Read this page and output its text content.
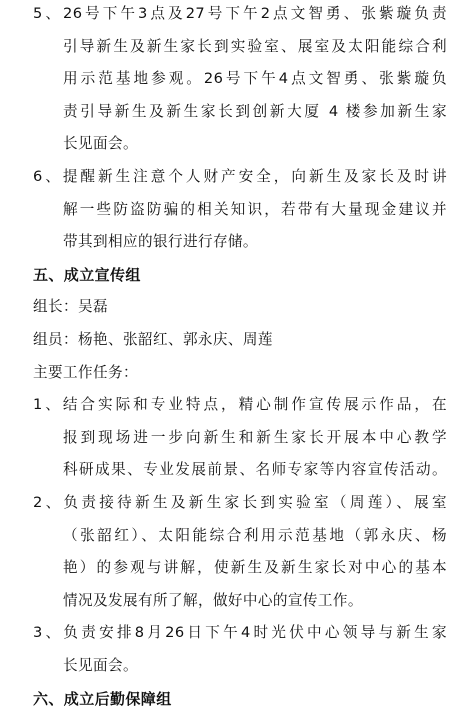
5、26号下午3点及27号下午2点文智勇、张紫璇负责
引导新生及新生家长到实验室、展室及太阳能综合利
用示范基地参观。26号下午4点文智勇、张紫璇负
责引导新生及新生家长到创新大厦 4 楼参加新生家
长见面会。
6、提醒新生注意个人财产安全，向新生及家长及时讲
解一些防盗防骗的相关知识，若带有大量现金建议并
带其到相应的银行进行存储。
五、成立宣传组
组长：吴磊
组员：杨艳、张韶红、郭永庆、周莲
主要工作任务：
1、结合实际和专业特点，精心制作宣传展示作品，在
报到现场进一步向新生和新生家长开展本中心教学
科研成果、专业发展前景、名师专家等内容宣传活动。
2、负责接待新生及新生家长到实验室（周莲）、展室
（张韶红）、太阳能综合利用示范基地（郭永庆、杨
艳）的参观与讲解，使新生及新生家长对中心的基本
情况及发展有所了解，做好中心的宣传工作。
3、负责安排8月26日下午4时光伏中心领导与新生家
长见面会。
六、成立后勤保障组
